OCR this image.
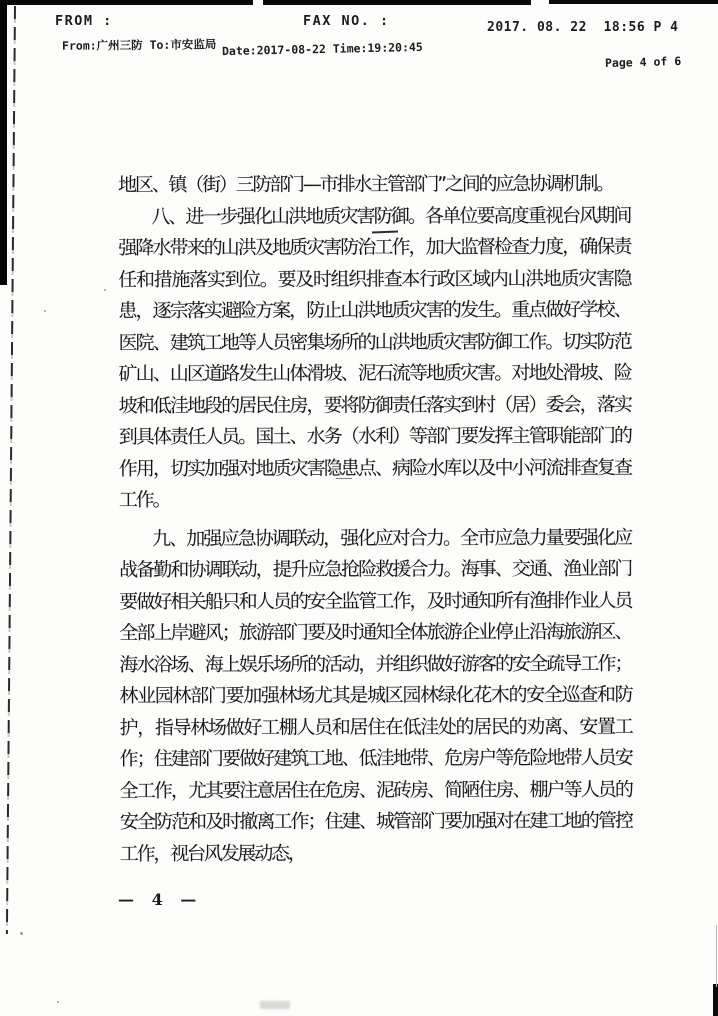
FROM :	FAX NO. :	2017. 08. 22  18:56 P 4
From:广州三防 To:市安监局 Date:2017-08-22 Time:19:20:45
Page 4 of 6

地区、镇（街）三防部门—市排水主管部门”之间的应急协调机制。

八、进一步强化山洪地质灾害防御。各单位要高度重视台风期间强降水带来的山洪及地质灾害防治工作，加大监督检查力度，确保责任和措施落实到位。要及时组织排查本行政区域内山洪地质灾害隐患，逐宗落实避险方案，防止山洪地质灾害的发生。重点做好学校、医院、建筑工地等人员密集场所的山洪地质灾害防御工作。切实防范矿山、山区道路发生山体滑坡、泥石流等地质灾害。对地处滑坡、险坡和低洼地段的居民住房，要将防御责任落实到村（居）委会，落实到具体责任人员。国土、水务（水利）等部门要发挥主管职能部门的作用，切实加强对地质灾害隐患点、病险水库以及中小河流排查复查工作。

九、加强应急协调联动，强化应对合力。全市应急力量要强化应战备勤和协调联动，提升应急抢险救援合力。海事、交通、渔业部门要做好相关船只和人员的安全监管工作，及时通知所有渔排作业人员全部上岸避风；旅游部门要及时通知全体旅游企业停止沿海旅游区、海水浴场、海上娱乐场所的活动，并组织做好游客的安全疏导工作；林业园林部门要加强林场尤其是城区园林绿化花木的安全巡查和防护，指导林场做好工棚人员和居住在低洼处的居民的劝离、安置工作；住建部门要做好建筑工地、低洼地带、危房户等危险地带人员安全工作，尤其要注意居住在危房、泥砖房、简陋住房、棚户等人员的安全防范和及时撤离工作；住建、城管部门要加强对在建工地的管控工作，视台风发展动态，

— 4 —
